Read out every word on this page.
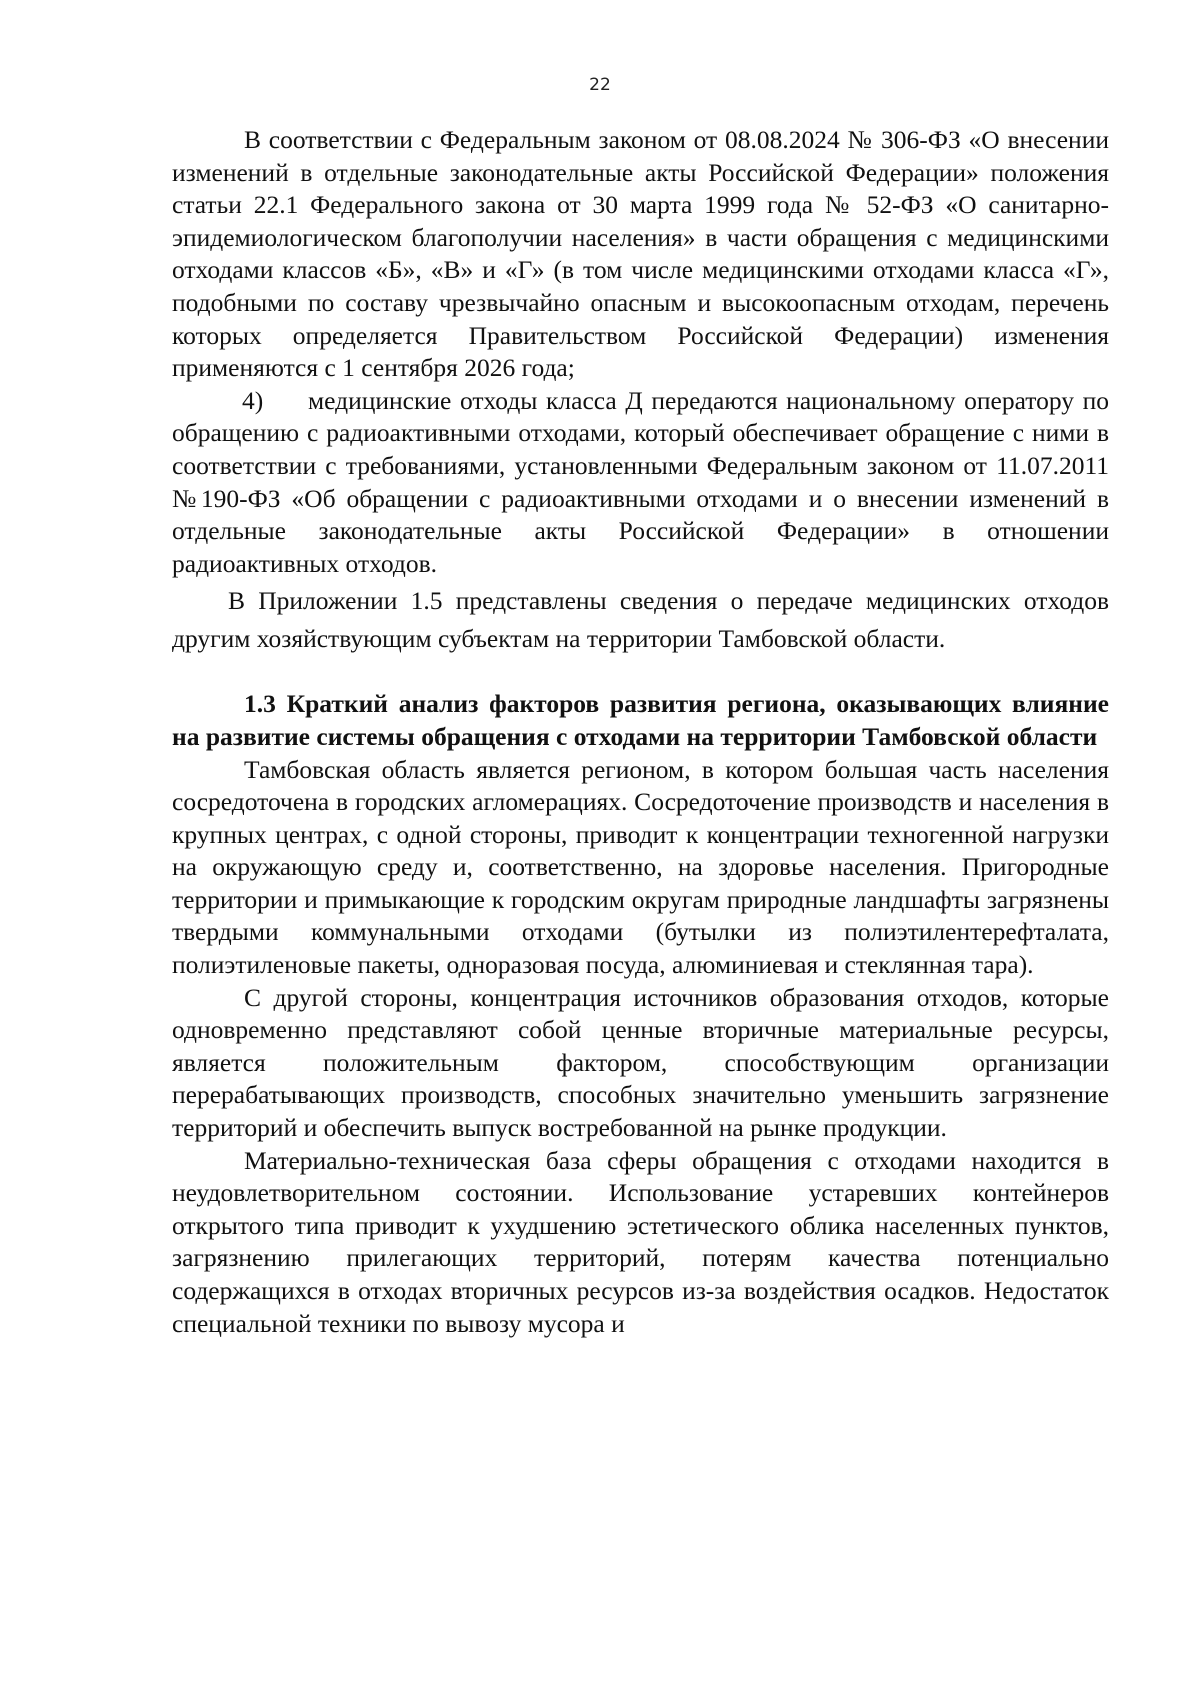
22

В соответствии с Федеральным законом от 08.08.2024 № 306-ФЗ «О внесении изменений в отдельные законодательные акты Российской Федерации» положения статьи 22.1 Федерального закона от 30 марта 1999 года № 52-ФЗ «О санитарно-эпидемиологическом благополучии населения» в части обращения с медицинскими отходами классов «Б», «В» и «Г» (в том числе медицинскими отходами класса «Г», подобными по составу чрезвычайно опасным и высокоопасным отходам, перечень которых определяется Правительством Российской Федерации) изменения применяются с 1 сентября 2026 года;

4) медицинские отходы класса Д передаются национальному оператору по обращению с радиоактивными отходами, который обеспечивает обращение с ними в соответствии с требованиями, установленными Федеральным законом от 11.07.2011 №190-ФЗ «Об обращении с радиоактивными отходами и о внесении изменений в отдельные законодательные акты Российской Федерации» в отношении радиоактивных отходов.

В Приложении 1.5 представлены сведения о передаче медицинских отходов другим хозяйствующим субъектам на территории Тамбовской области.

1.3 Краткий анализ факторов развития региона, оказывающих влияние на развитие системы обращения с отходами на территории Тамбовской области

Тамбовская область является регионом, в котором большая часть населения сосредоточена в городских агломерациях. Сосредоточение производств и населения в крупных центрах, с одной стороны, приводит к концентрации техногенной нагрузки на окружающую среду и, соответственно, на здоровье населения. Пригородные территории и примыкающие к городским округам природные ландшафты загрязнены твердыми коммунальными отходами (бутылки из полиэтилентерефталата, полиэтиленовые пакеты, одноразовая посуда, алюминиевая и стеклянная тара).

С другой стороны, концентрация источников образования отходов, которые одновременно представляют собой ценные вторичные материальные ресурсы, является положительным фактором, способствующим организации перерабатывающих производств, способных значительно уменьшить загрязнение территорий и обеспечить выпуск востребованной на рынке продукции.

Материально-техническая база сферы обращения с отходами находится в неудовлетворительном состоянии. Использование устаревших контейнеров открытого типа приводит к ухудшению эстетического облика населенных пунктов, загрязнению прилегающих территорий, потерям качества потенциально содержащихся в отходах вторичных ресурсов из-за воздействия осадков. Недостаток специальной техники по вывозу мусора и
